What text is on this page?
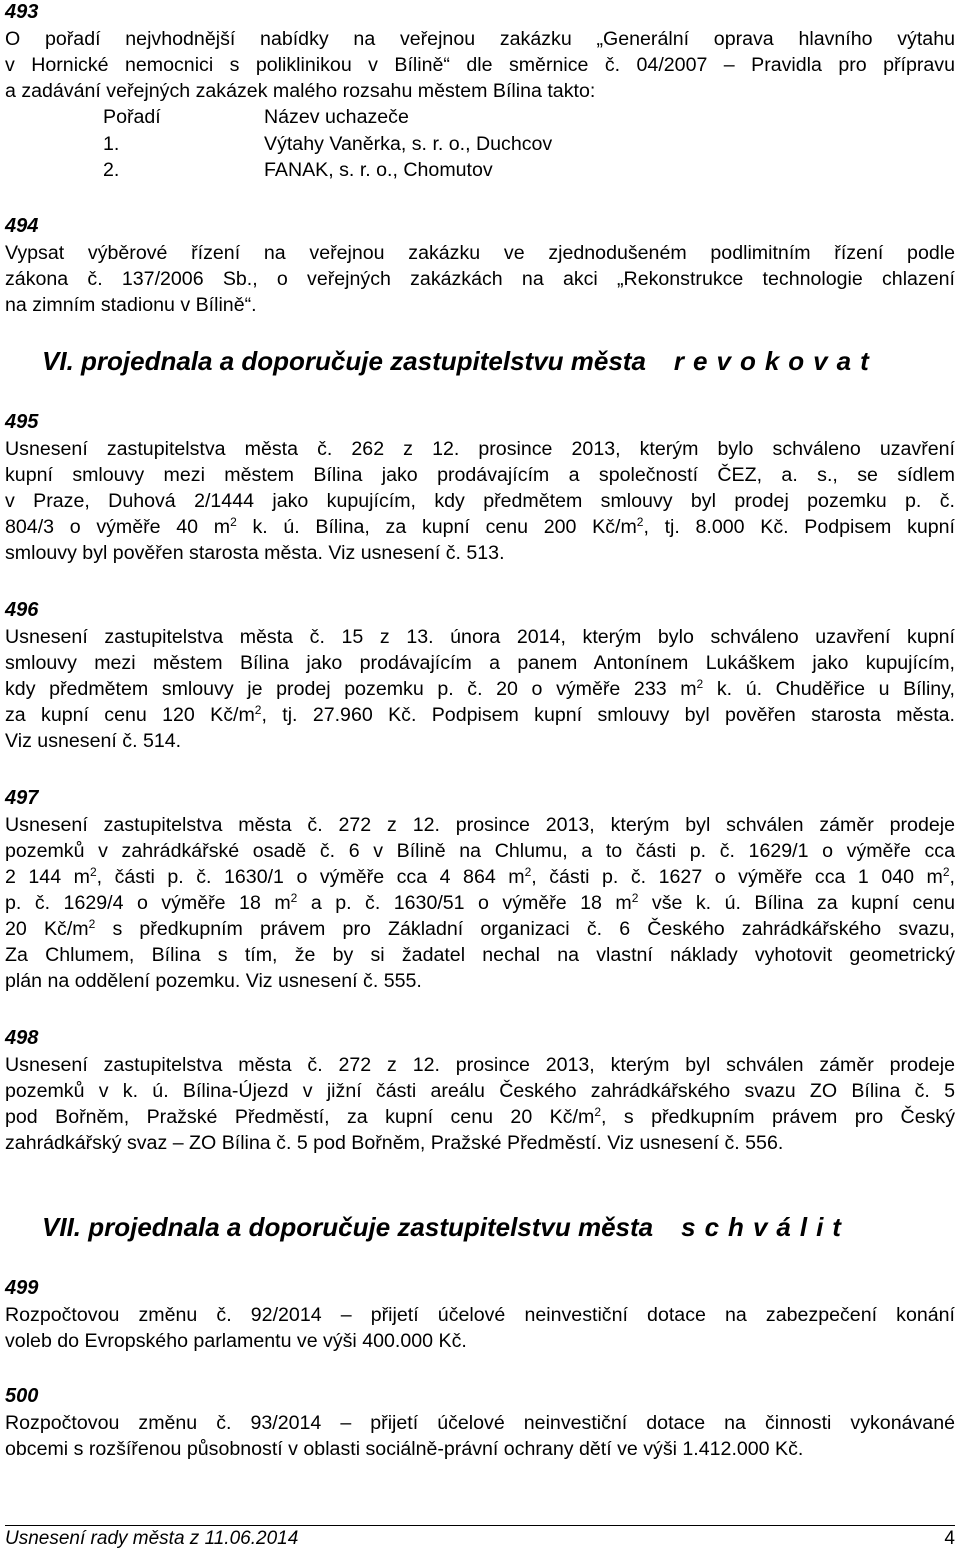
493
O pořadí nejvhodnější nabídky na veřejnou zakázku „Generální oprava hlavního výtahu
v Hornické nemocnici s poliklinikou v Bílině“ dle směrnice č. 04/2007 – Pravidla pro přípravu
a zadávání veřejných zakázek malého rozsahu městem Bílina takto:
Pořadí	Název uchazeče
1.	Výtahy Vaněrka, s. r. o., Duchcov
2.	FANAK, s. r. o., Chomutov
494
Vypsat výběrové řízení na veřejnou zakázku ve zjednodušeném podlimitním řízení podle
zákona č. 137/2006 Sb., o veřejných zakázkách na akci „Rekonstrukce technologie chlazení
na zimním stadionu v Bílině“.
VI. projednala a doporučuje zastupitelstvu města revokovat
495
Usnesení zastupitelstva města č. 262 z 12. prosince 2013, kterým bylo schváleno uzavření
kupní smlouvy mezi městem Bílina jako prodávajícím a společností ČEZ, a. s., se sídlem
v Praze, Duhová 2/1444 jako kupujícím, kdy předmětem smlouvy byl prodej pozemku p. č.
804/3 o výměře 40 $m^2$ k. ú. Bílina, za kupní cenu 200 $Kč/m^2$, tj. 8.000 Kč. Podpisem kupní
smlouvy byl pověřen starosta města. Viz usnesení č. 513.
496
Usnesení zastupitelstva města č. 15 z 13. února 2014, kterým bylo schváleno uzavření kupní
smlouvy mezi městem Bílina jako prodávajícím a panem Antonínem Lukáškem jako kupujícím,
kdy předmětem smlouvy je prodej pozemku p. č. 20 o výměře 233 $m^2$ k. ú. Chuděřice u Bíliny,
za kupní cenu 120 $Kč/m^2$, tj. 27.960 Kč. Podpisem kupní smlouvy byl pověřen starosta města.
Viz usnesení č. 514.
497
Usnesení zastupitelstva města č. 272 z 12. prosince 2013, kterým byl schválen záměr prodeje
pozemků v zahrádkářské osadě č. 6 v Bílině na Chlumu, a to části p. č. 1629/1 o výměře cca
2 144 $m^2$, části p. č. 1630/1 o výměře cca 4 864 $m^2$, části p. č. 1627 o výměře cca 1 040 $m^2$,
p. č. 1629/4 o výměře 18 $m^2$ a p. č. 1630/51 o výměře 18 $m^2$ vše k. ú. Bílina za kupní cenu
20 $Kč/m^2$ s předkupním právem pro Základní organizaci č. 6 Českého zahrádkářského svazu,
Za Chlumem, Bílina s tím, že by si žadatel nechal na vlastní náklady vyhotovit geometrický
plán na oddělení pozemku. Viz usnesení č. 555.
498
Usnesení zastupitelstva města č. 272 z 12. prosince 2013, kterým byl schválen záměr prodeje
pozemků v k. ú. Bílina-Újezd v jižní části areálu Českého zahrádkářského svazu ZO Bílina č. 5
pod Bořněm, Pražské Předměstí, za kupní cenu 20 $Kč/m^2$, s předkupním právem pro Český
zahrádkářský svaz – ZO Bílina č. 5 pod Bořněm, Pražské Předměstí. Viz usnesení č. 556.
VII. projednala a doporučuje zastupitelstvu města schválit
499
Rozpočtovou změnu č. 92/2014 – přijetí účelové neinvestiční dotace na zabezpečení konání
voleb do Evropského parlamentu ve výši 400.000 Kč.
500
Rozpočtovou změnu č. 93/2014 – přijetí účelové neinvestiční dotace na činnosti vykonávané
obcemi s rozšířenou působností v oblasti sociálně-právní ochrany dětí ve výši 1.412.000 Kč.
Usnesení rady města z 11.06.2014	4
